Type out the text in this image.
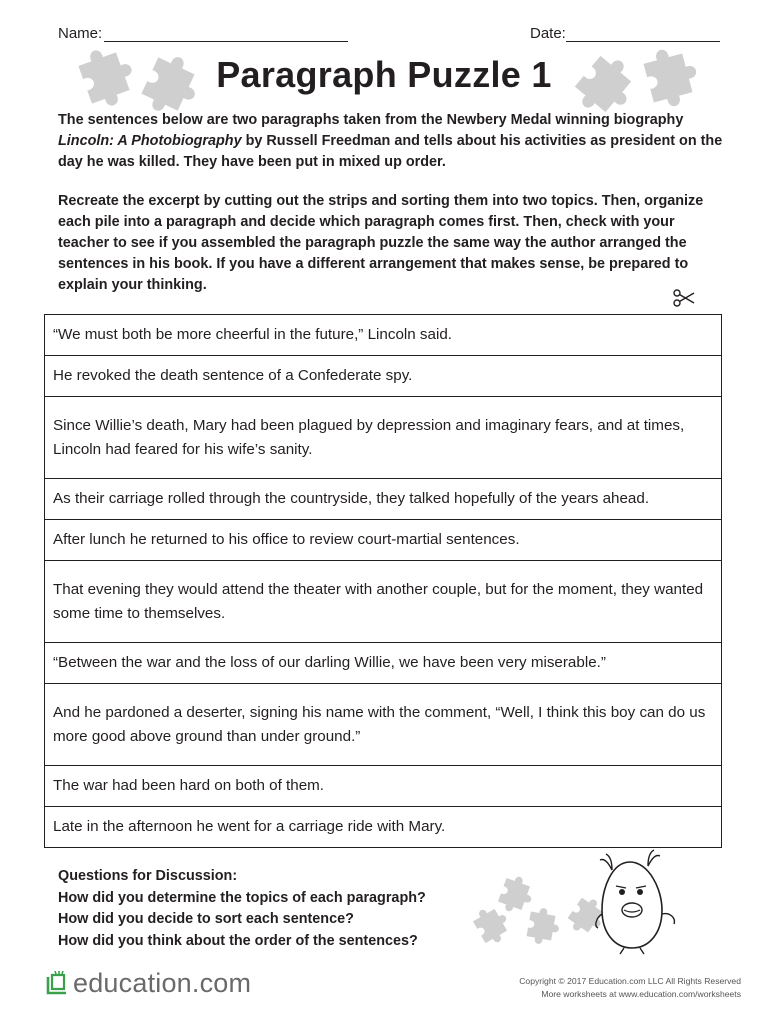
Name:	Date:
Paragraph Puzzle 1
The sentences below are two paragraphs taken from the Newbery Medal winning biography Lincoln: A Photobiography by Russell Freedman and tells about his activities as president on the day he was killed. They have been put in mixed up order.
Recreate the excerpt by cutting out the strips and sorting them into two topics. Then, organize each pile into a paragraph and decide which paragraph comes first. Then, check with your teacher to see if you assembled the paragraph puzzle the same way the author arranged the sentences in his book. If you have a different arrangement that makes sense, be prepared to explain your thinking.
“We must both be more cheerful in the future,” Lincoln said.
He revoked the death sentence of a Confederate spy.
Since Willie’s death, Mary had been plagued by depression and imaginary fears, and at times, Lincoln had feared for his wife’s sanity.
As their carriage rolled through the countryside, they talked hopefully of the years ahead.
After lunch he returned to his office to review court-martial sentences.
That evening they would attend the theater with another couple, but for the moment, they wanted some time to themselves.
“Between the war and the loss of our darling Willie, we have been very miserable.”
And he pardoned a deserter, signing his name with the comment, “Well, I think this boy can do us more good above ground than under ground.”
The war had been hard on both of them.
Late in the afternoon he went for a carriage ride with Mary.
Questions for Discussion:
How did you determine the topics of each paragraph?
How did you decide to sort each sentence?
How did you think about the order of the sentences?
education.com	Copyright © 2017 Education.com LLC All Rights Reserved
More worksheets at www.education.com/worksheets
